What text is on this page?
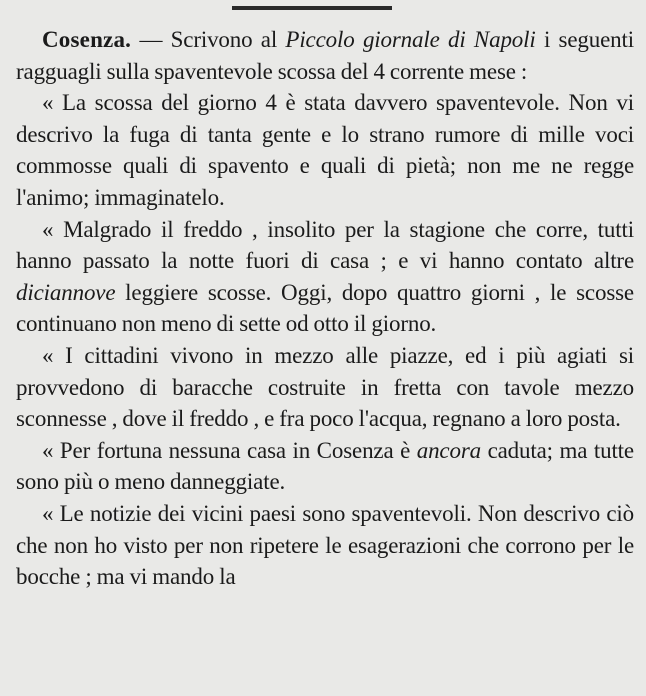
Cosenza. — Scrivono al Piccolo giornale di Napoli i seguenti ragguagli sulla spaventevole scossa del 4 corrente mese :

« La scossa del giorno 4 è stata davvero spaventevole. Non vi descrivo la fuga di tanta gente e lo strano rumore di mille voci commosse quali di spavento e quali di pietà; non me ne regge l'animo; immaginatelo.

« Malgrado il freddo , insolito per la stagione che corre, tutti hanno passato la notte fuori di casa ; e vi hanno contato altre diciannove leggiere scosse. Oggi, dopo quattro giorni , le scosse continuano non meno di sette od otto il giorno.

« I cittadini vivono in mezzo alle piazze, ed i più agiati si provvedono di baracche costruite in fretta con tavole mezzo sconnesse , dove il freddo , e fra poco l'acqua, regnano a loro posta.

« Per fortuna nessuna casa in Cosenza è ancora caduta; ma tutte sono più o meno danneggiate.

« Le notizie dei vicini paesi sono spaventevoli. Non descrivo ciò che non ho visto per non ripetere le esagerazioni che corrono per le bocche ; ma vi mando la
